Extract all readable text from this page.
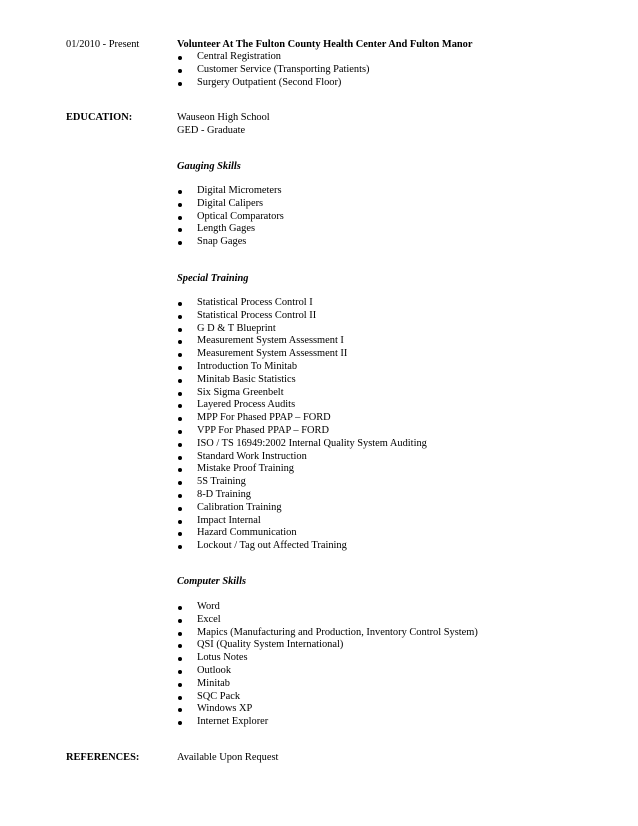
01/2010 - Present	Volunteer At The Fulton County Health Center And Fulton Manor
Central Registration
Customer Service (Transporting Patients)
Surgery Outpatient (Second Floor)
EDUCATION:	Wauseon High School
GED - Graduate
Gauging Skills
Digital Micrometers
Digital Calipers
Optical Comparators
Length Gages
Snap Gages
Special Training
Statistical Process Control I
Statistical Process Control II
G D & T Blueprint
Measurement System Assessment I
Measurement System Assessment II
Introduction To Minitab
Minitab Basic Statistics
Six Sigma Greenbelt
Layered Process Audits
MPP For Phased PPAP – FORD
VPP For Phased PPAP – FORD
ISO / TS 16949:2002 Internal Quality System Auditing
Standard Work Instruction
Mistake Proof Training
5S Training
8-D Training
Calibration Training
Impact Internal
Hazard Communication
Lockout / Tag out Affected Training
Computer Skills
Word
Excel
Mapics (Manufacturing and Production, Inventory Control System)
QSI (Quality System International)
Lotus Notes
Outlook
Minitab
SQC Pack
Windows XP
Internet Explorer
REFERENCES:	Available Upon Request
